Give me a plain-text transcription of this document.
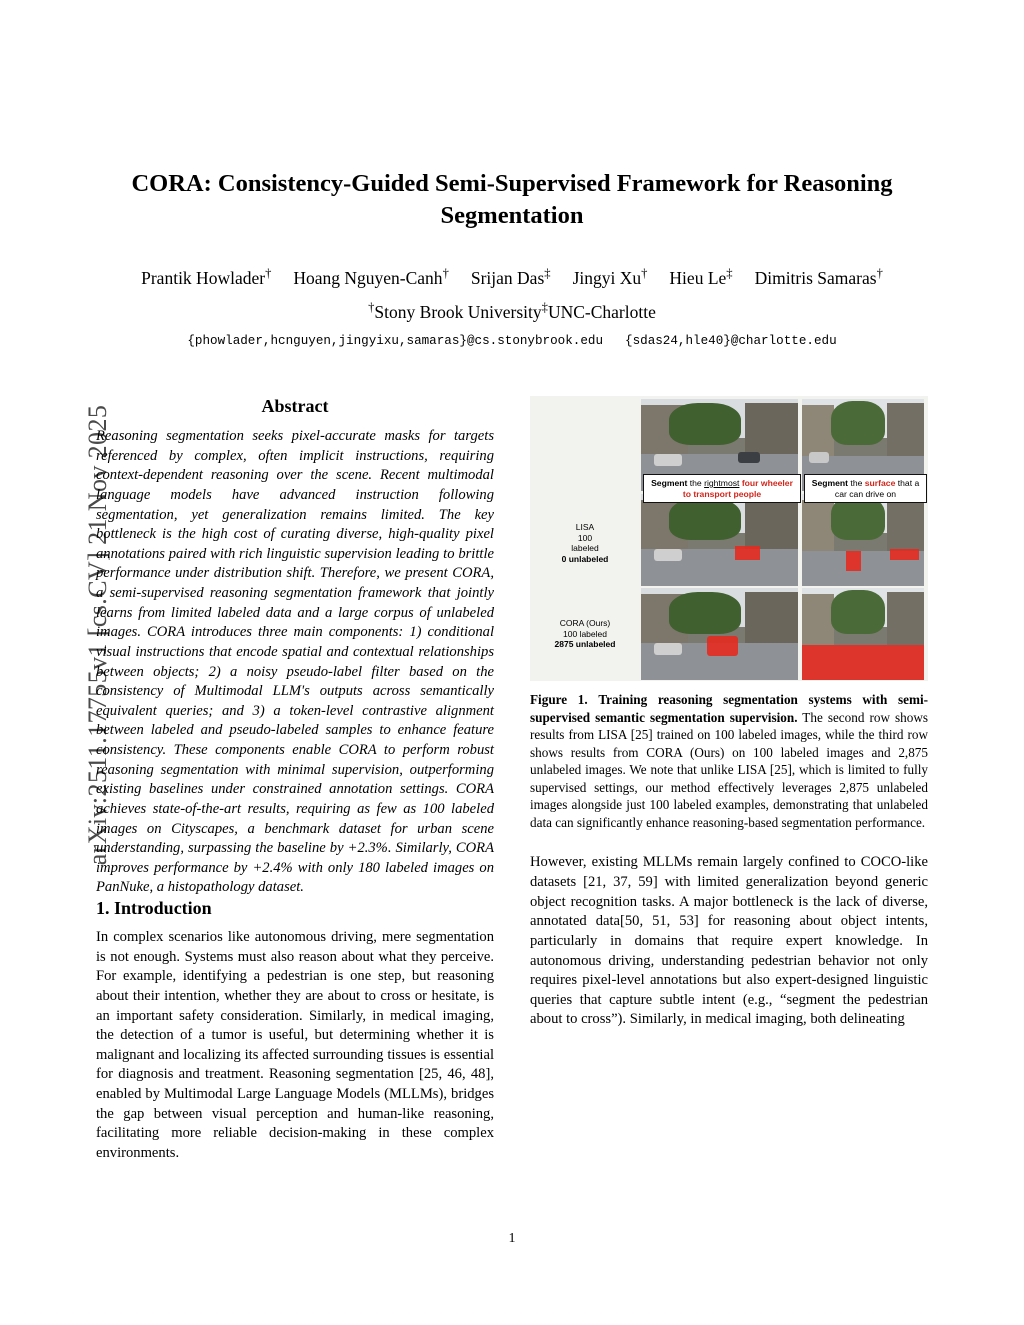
arXiv:2511.17755v1 [cs.CV] 21 Nov 2025
CORA: Consistency-Guided Semi-Supervised Framework for Reasoning Segmentation
Prantik Howlader† Hoang Nguyen-Canh† Srijan Das‡ Jingyi Xu† Hieu Le‡ Dimitris Samaras†
†Stony Brook University‡UNC-Charlotte
{phowlader,hcnguyen,jingyixu,samaras}@cs.stonybrook.edu {sdas24,hle40}@charlotte.edu
Abstract

Reasoning segmentation seeks pixel-accurate masks for targets referenced by complex, often implicit instructions, requiring context-dependent reasoning over the scene. Recent multimodal language models have advanced instruction following segmentation, yet generalization remains limited. The key bottleneck is the high cost of curating diverse, high-quality pixel annotations paired with rich linguistic supervision leading to brittle performance under distribution shift. Therefore, we present CORA, a semi-supervised reasoning segmentation framework that jointly learns from limited labeled data and a large corpus of unlabeled images. CORA introduces three main components: 1) conditional visual instructions that encode spatial and contextual relationships between objects; 2) a noisy pseudo-label filter based on the consistency of Multimodal LLM's outputs across semantically equivalent queries; and 3) a token-level contrastive alignment between labeled and pseudo-labeled samples to enhance feature consistency. These components enable CORA to perform robust reasoning segmentation with minimal supervision, outperforming existing baselines under constrained annotation settings. CORA achieves state-of-the-art results, requiring as few as 100 labeled images on Cityscapes, a benchmark dataset for urban scene understanding, surpassing the baseline by +2.3%. Similarly, CORA improves performance by +2.4% with only 180 labeled images on PanNuke, a histopathology dataset.

1. Introduction

In complex scenarios like autonomous driving, mere segmentation is not enough. Systems must also reason about what they perceive. For example, identifying a pedestrian is one step, but reasoning about their intention, whether they are about to cross or hesitate, is an important safety consideration. Similarly, in medical imaging, the detection of a tumor is useful, but determining whether it is malignant and localizing its affected surrounding tissues is essential for diagnosis and treatment. Reasoning segmentation [25, 46, 48], enabled by Multimodal Large Language Models (MLLMs), bridges the gap between visual perception and human-like reasoning, facilitating more reliable decision-making in these complex environments.

LISA
100
labeled
0 unlabeled
CORA (Ours)
100 labeled
2875 unlabeled
Segment the rightmost four wheeler to transport people
Segment the surface that a car can drive on
Figure 1. Training reasoning segmentation systems with semi-supervised semantic segmentation supervision. The second row shows results from LISA [25] trained on 100 labeled images, while the third row shows results from CORA (Ours) on 100 labeled images and 2,875 unlabeled images. We note that unlike LISA [25], which is limited to fully supervised settings, our method effectively leverages 2,875 unlabeled images alongside just 100 labeled examples, demonstrating that unlabeled data can significantly enhance reasoning-based segmentation performance.

However, existing MLLMs remain largely confined to COCO-like datasets [21, 37, 59] with limited generalization beyond generic object recognition tasks. A major bottleneck is the lack of diverse, annotated data[50, 51, 53] for reasoning about object intents, particularly in domains that require expert knowledge. In autonomous driving, understanding pedestrian behavior not only requires pixel-level annotations but also expert-designed linguistic queries that capture subtle intent (e.g., “segment the pedestrian about to cross”). Similarly, in medical imaging, both delineating

1
